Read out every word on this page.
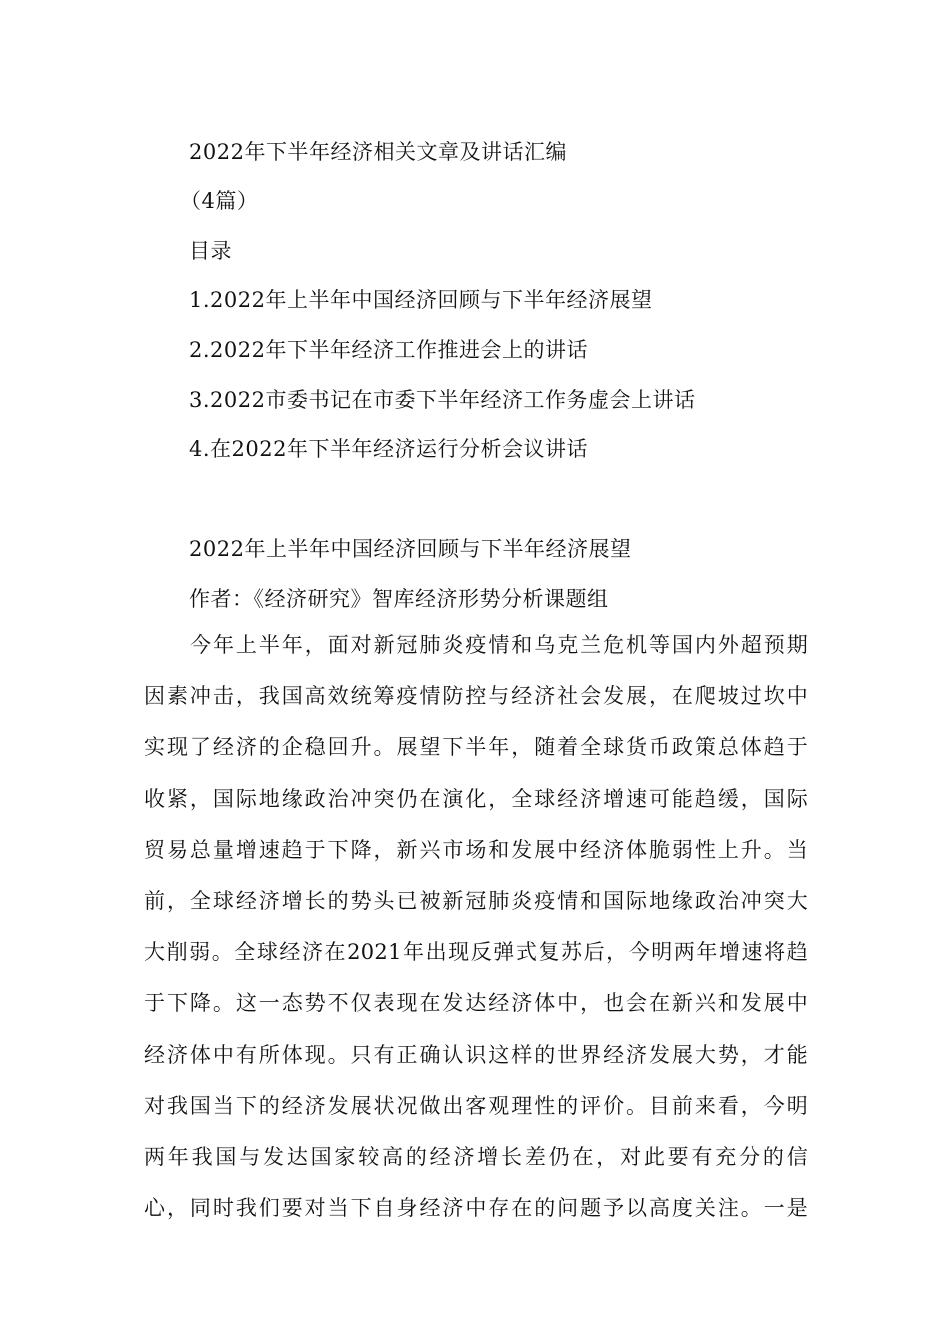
2022年下半年经济相关文章及讲话汇编
（4篇）
目录
1.2022年上半年中国经济回顾与下半年经济展望
2.2022年下半年经济工作推进会上的讲话
3.2022市委书记在市委下半年经济工作务虚会上讲话
4.在2022年下半年经济运行分析会议讲话
2022年上半年中国经济回顾与下半年经济展望
作者：《经济研究》智库经济形势分析课题组
今年上半年，面对新冠肺炎疫情和乌克兰危机等国内外超预期
因素冲击，我国高效统筹疫情防控与经济社会发展，在爬坡过坎中
实现了经济的企稳回升。展望下半年，随着全球货币政策总体趋于
收紧，国际地缘政治冲突仍在演化，全球经济增速可能趋缓，国际
贸易总量增速趋于下降，新兴市场和发展中经济体脆弱性上升。当
前，全球经济增长的势头已被新冠肺炎疫情和国际地缘政治冲突大
大削弱。全球经济在2021年出现反弹式复苏后，今明两年增速将趋
于下降。这一态势不仅表现在发达经济体中，也会在新兴和发展中
经济体中有所体现。只有正确认识这样的世界经济发展大势，才能
对我国当下的经济发展状况做出客观理性的评价。目前来看，今明
两年我国与发达国家较高的经济增长差仍在，对此要有充分的信
心，同时我们要对当下自身经济中存在的问题予以高度关注。一是
